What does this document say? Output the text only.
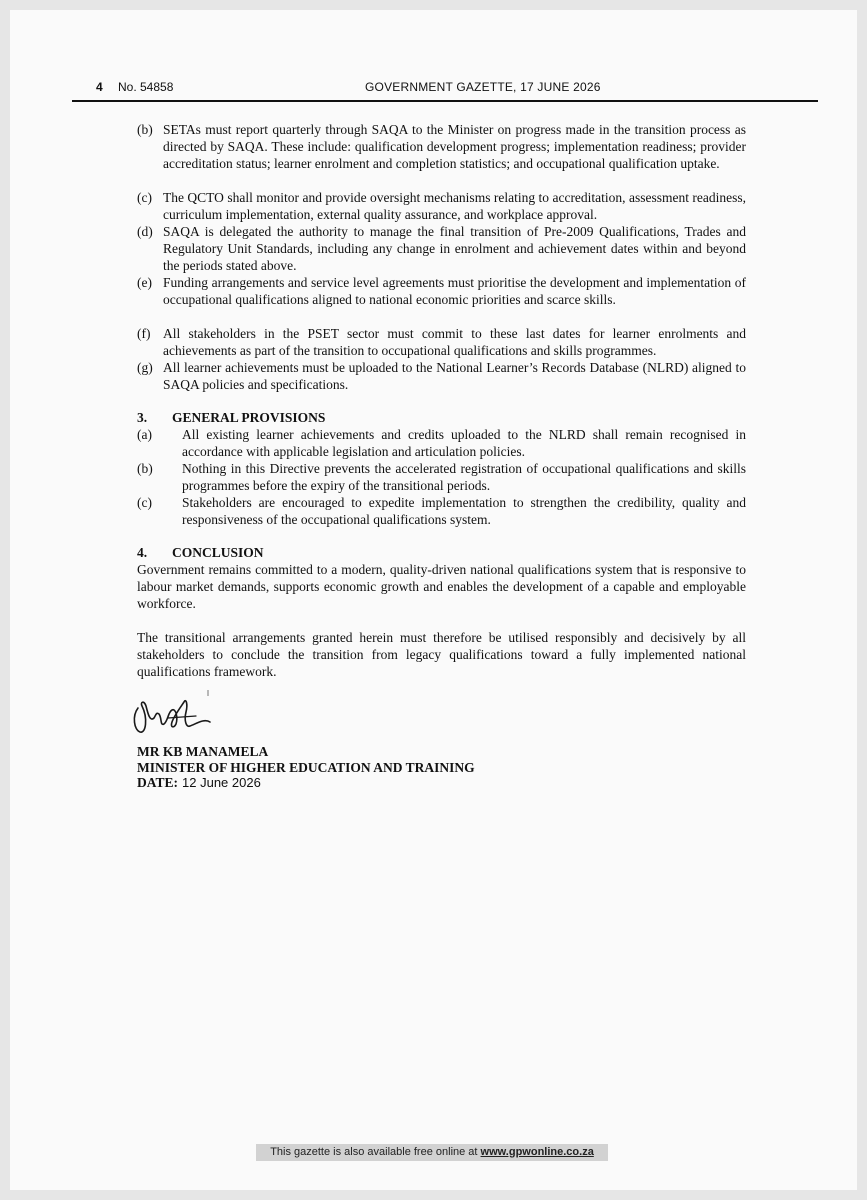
4 No. 54858	GOVERNMENT GAZETTE, 17 JUNE 2026
(b) SETAs must report quarterly through SAQA to the Minister on progress made in the transition process as directed by SAQA. These include: qualification development progress; implementation readiness; provider accreditation status; learner enrolment and completion statistics; and occupational qualification uptake.
(c) The QCTO shall monitor and provide oversight mechanisms relating to accreditation, assessment readiness, curriculum implementation, external quality assurance, and workplace approval.
(d) SAQA is delegated the authority to manage the final transition of Pre-2009 Qualifications, Trades and Regulatory Unit Standards, including any change in enrolment and achievement dates within and beyond the periods stated above.
(e) Funding arrangements and service level agreements must prioritise the development and implementation of occupational qualifications aligned to national economic priorities and scarce skills.
(f) All stakeholders in the PSET sector must commit to these last dates for learner enrolments and achievements as part of the transition to occupational qualifications and skills programmes.
(g) All learner achievements must be uploaded to the National Learner’s Records Database (NLRD) aligned to SAQA policies and specifications.
3. GENERAL PROVISIONS
(a) All existing learner achievements and credits uploaded to the NLRD shall remain recognised in accordance with applicable legislation and articulation policies.
(b) Nothing in this Directive prevents the accelerated registration of occupational qualifications and skills programmes before the expiry of the transitional periods.
(c) Stakeholders are encouraged to expedite implementation to strengthen the credibility, quality and responsiveness of the occupational qualifications system.
4. CONCLUSION
Government remains committed to a modern, quality-driven national qualifications system that is responsive to labour market demands, supports economic growth and enables the development of a capable and employable workforce.
The transitional arrangements granted herein must therefore be utilised responsibly and decisively by all stakeholders to conclude the transition from legacy qualifications toward a fully implemented national qualifications framework.
MR KB MANAMELA
MINISTER OF HIGHER EDUCATION AND TRAINING
DATE: 12 June 2026
This gazette is also available free online at www.gpwonline.co.za
